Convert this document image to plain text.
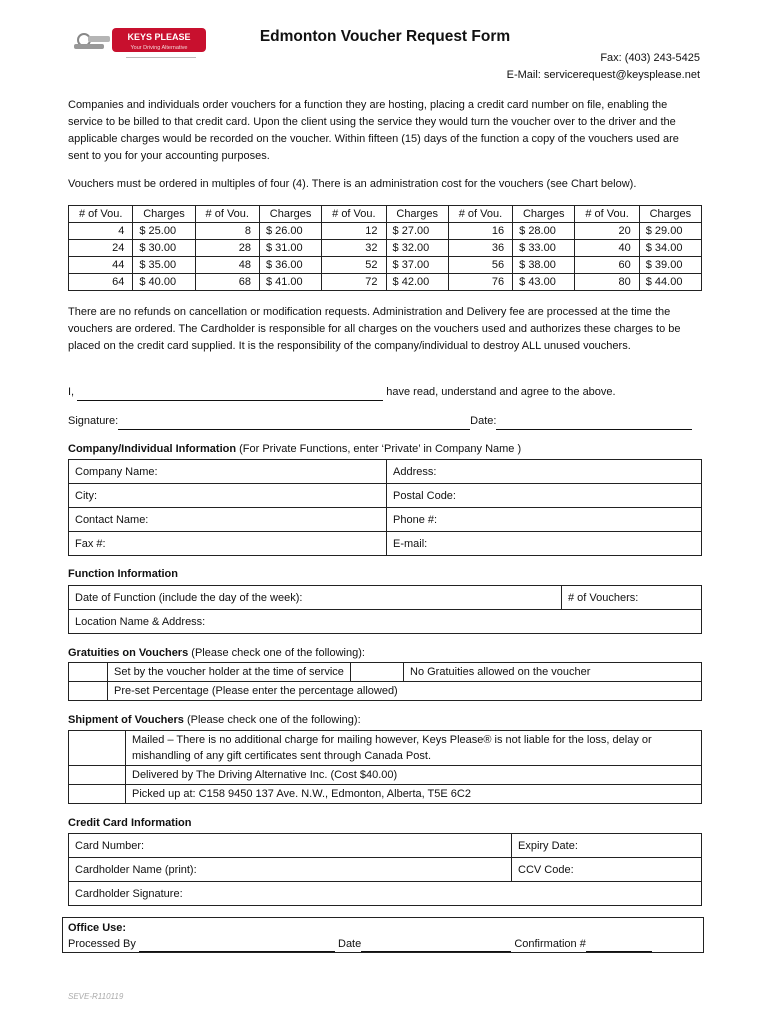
KEYS PLEASE
Your Driving Alternative
Edmonton Voucher Request Form
Fax: (403) 243-5425
E-Mail: servicerequest@keysplease.net
Companies and individuals order vouchers for a function they are hosting, placing a credit card number on file, enabling the service to be billed to that credit card. Upon the client using the service they would turn the voucher over to the driver and the applicable charges would be recorded on the voucher. Within fifteen (15) days of the function a copy of the vouchers used are sent to you for your accounting purposes.
Vouchers must be ordered in multiples of four (4). There is an administration cost for the vouchers (see Chart below).
# of Vou.	Charges	# of Vou.	Charges	# of Vou.	Charges	# of Vou.	Charges	# of Vou.	Charges
4	$ 25.00	8	$ 26.00	12	$ 27.00	16	$ 28.00	20	$ 29.00
24	$ 30.00	28	$ 31.00	32	$ 32.00	36	$ 33.00	40	$ 34.00
44	$ 35.00	48	$ 36.00	52	$ 37.00	56	$ 38.00	60	$ 39.00
64	$ 40.00	68	$ 41.00	72	$ 42.00	76	$ 43.00	80	$ 44.00
There are no refunds on cancellation or modification requests. Administration and Delivery fee are processed at the time the vouchers are ordered. The Cardholder is responsible for all charges on the vouchers used and authorizes these charges to be placed on the credit card supplied. It is the responsibility of the company/individual to destroy ALL unused vouchers.
I,	have read, understand and agree to the above.
Signature:	Date:
Company/Individual Information (For Private Functions, enter ‘Private’ in Company Name )
Company Name:	Address:
City:	Postal Code:
Contact Name:	Phone #:
Fax #:	E-mail:
Function Information
Date of Function (include the day of the week):	# of Vouchers:
Location Name & Address:
Gratuities on Vouchers (Please check one of the following):
	Set by the voucher holder at the time of service		No Gratuities allowed on the voucher
	Pre-set Percentage (Please enter the percentage allowed)		
Shipment of Vouchers (Please check one of the following):
	Mailed – There is no additional charge for mailing however, Keys Please® is not liable for the loss, delay or mishandling of any gift certificates sent through Canada Post.
	Delivered by The Driving Alternative Inc. (Cost $40.00)
	Picked up at: C158 9450 137 Ave. N.W., Edmonton, Alberta, T5E 6C2
Credit Card Information
Card Number:	Expiry Date:
Cardholder Name (print):	CCV Code:
Cardholder Signature:	
Office Use:
Processed By	Date	Confirmation #
SEVE-R110119
